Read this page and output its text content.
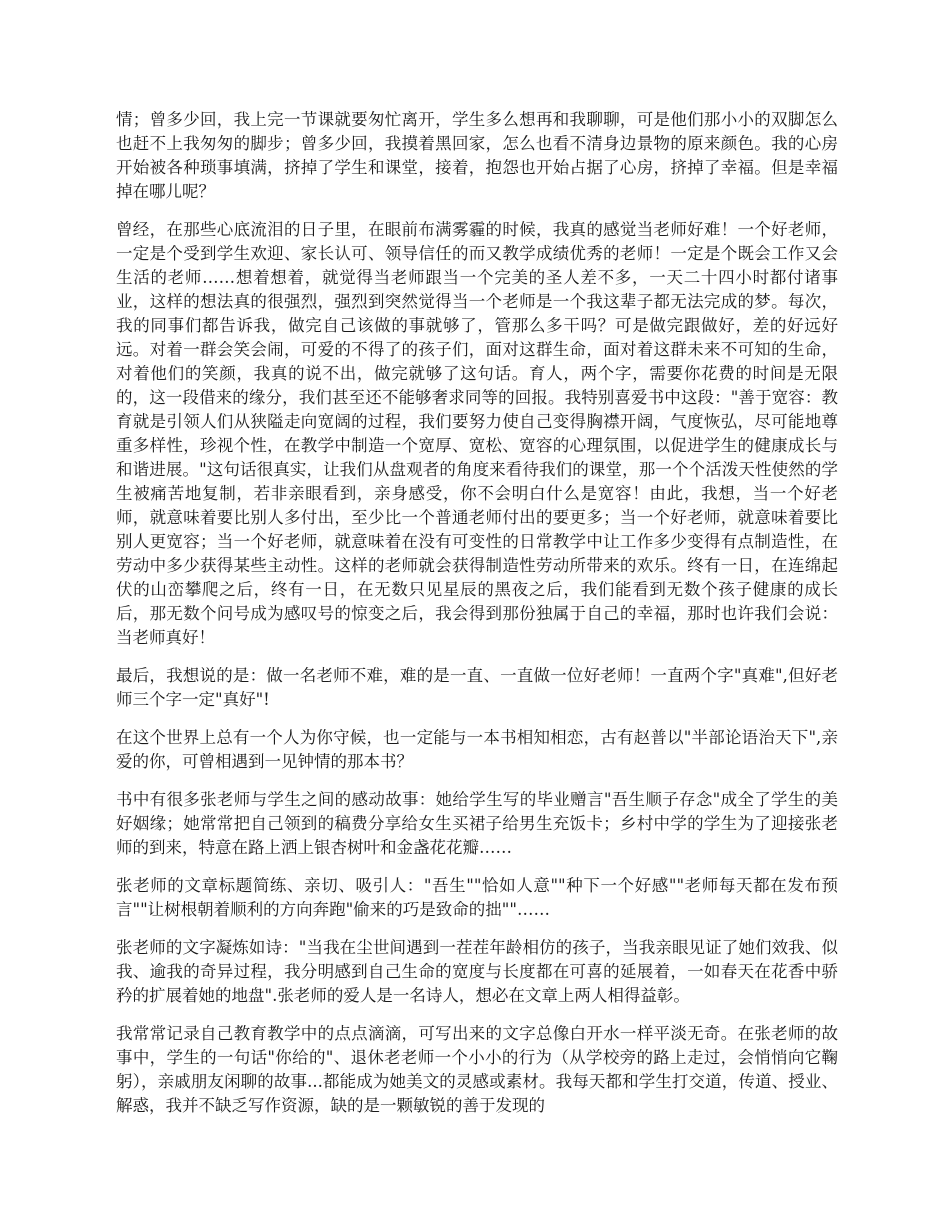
情；曾多少回，我上完一节课就要匆忙离开，学生多么想再和我聊聊，可是他们那小小的双脚怎么也赶不上我匆匆的脚步；曾多少回，我摸着黑回家，怎么也看不清身边景物的原来颜色。我的心房开始被各种琐事填满，挤掉了学生和课堂，接着，抱怨也开始占据了心房，挤掉了幸福。但是幸福掉在哪儿呢？

曾经，在那些心底流泪的日子里，在眼前布满雾霾的时候，我真的感觉当老师好难！一个好老师，一定是个受到学生欢迎、家长认可、领导信任的而又教学成绩优秀的老师！一定是个既会工作又会生活的老师……想着想着，就觉得当老师跟当一个完美的圣人差不多，一天二十四小时都付诸事业，这样的想法真的很强烈，强烈到突然觉得当一个老师是一个我这辈子都无法完成的梦。每次，我的同事们都告诉我，做完自己该做的事就够了，管那么多干吗？可是做完跟做好，差的好远好远。对着一群会笑会闹，可爱的不得了的孩子们，面对这群生命，面对着这群未来不可知的生命，对着他们的笑颜，我真的说不出，做完就够了这句话。育人，两个字，需要你花费的时间是无限的，这一段借来的缘分，我们甚至还不能够奢求同等的回报。我特别喜爱书中这段："善于宽容：教育就是引领人们从狭隘走向宽阔的过程，我们要努力使自己变得胸襟开阔，气度恢弘，尽可能地尊重多样性，珍视个性，在教学中制造一个宽厚、宽松、宽容的心理氛围，以促进学生的健康成长与和谐进展。"这句话很真实，让我们从盘观者的角度来看待我们的课堂，那一个个活泼天性使然的学生被痛苦地复制，若非亲眼看到，亲身感受，你不会明白什么是宽容！由此，我想，当一个好老师，就意味着要比别人多付出，至少比一个普通老师付出的要更多；当一个好老师，就意味着要比别人更宽容；当一个好老师，就意味着在没有可变性的日常教学中让工作多少变得有点制造性，在劳动中多少获得某些主动性。这样的老师就会获得制造性劳动所带来的欢乐。终有一日，在连绵起伏的山峦攀爬之后，终有一日，在无数只见星辰的黑夜之后，我们能看到无数个孩子健康的成长后，那无数个问号成为感叹号的惊变之后，我会得到那份独属于自己的幸福，那时也许我们会说：当老师真好！

最后，我想说的是：做一名老师不难，难的是一直、一直做一位好老师！一直两个字"真难",但好老师三个字一定"真好"!

在这个世界上总有一个人为你守候，也一定能与一本书相知相恋，古有赵普以"半部论语治天下",亲爱的你，可曾相遇到一见钟情的那本书？

书中有很多张老师与学生之间的感动故事：她给学生写的毕业赠言"吾生顺子存念"成全了学生的美好姻缘；她常常把自己领到的稿费分享给女生买裙子给男生充饭卡；乡村中学的学生为了迎接张老师的到来，特意在路上洒上银杏树叶和金盏花花瓣……

张老师的文章标题简练、亲切、吸引人："吾生""恰如人意""种下一个好感""老师每天都在发布预言""让树根朝着顺利的方向奔跑"偷来的巧是致命的拙""……

张老师的文字凝炼如诗："当我在尘世间遇到一茬茬年龄相仿的孩子，当我亲眼见证了她们效我、似我、逾我的奇异过程，我分明感到自己生命的宽度与长度都在可喜的延展着，一如春天在花香中骄矜的扩展着她的地盘".张老师的爱人是一名诗人，想必在文章上两人相得益彰。

我常常记录自己教育教学中的点点滴滴，可写出来的文字总像白开水一样平淡无奇。在张老师的故事中，学生的一句话"你给的"、退休老老师一个小小的行为（从学校旁的路上走过，会悄悄向它鞠躬），亲戚朋友闲聊的故事...都能成为她美文的灵感或素材。我每天都和学生打交道，传道、授业、解惑，我并不缺乏写作资源，缺的是一颗敏锐的善于发现的
